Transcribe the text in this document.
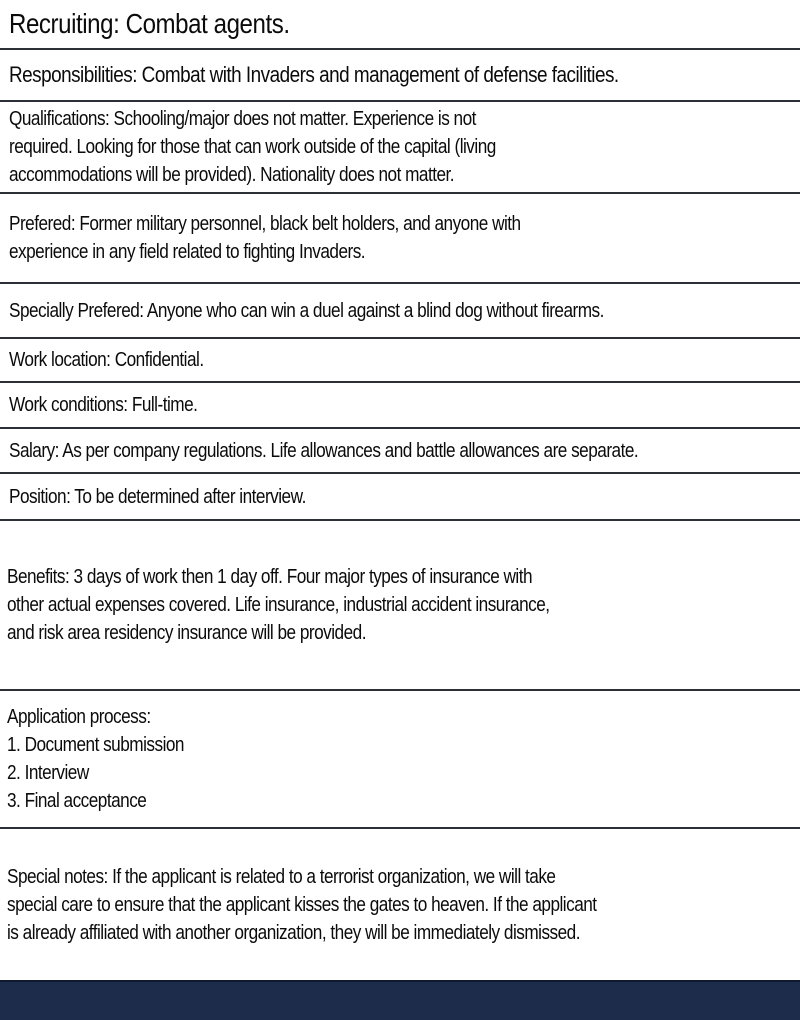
Recruiting: Combat agents.
Responsibilities: Combat with Invaders and management of defense facilities.
Qualifications: Schooling/major does not matter. Experience is not
required. Looking for those that can work outside of the capital (living
accommodations will be provided). Nationality does not matter.
Prefered: Former military personnel, black belt holders, and anyone with
experience in any field related to fighting Invaders.
Specially Prefered: Anyone who can win a duel against a blind dog without firearms.
Work location: Confidential.
Work conditions: Full-time.
Salary: As per company regulations. Life allowances and battle allowances are separate.
Position: To be determined after interview.
Benefits: 3 days of work then 1 day off. Four major types of insurance with
other actual expenses covered. Life insurance, industrial accident insurance,
and risk area residency insurance will be provided.
Application process:
1. Document submission
2. Interview
3. Final acceptance
Special notes: If the applicant is related to a terrorist organization, we will take
special care to ensure that the applicant kisses the gates to heaven. If the applicant
is already affiliated with another organization, they will be immediately dismissed.
